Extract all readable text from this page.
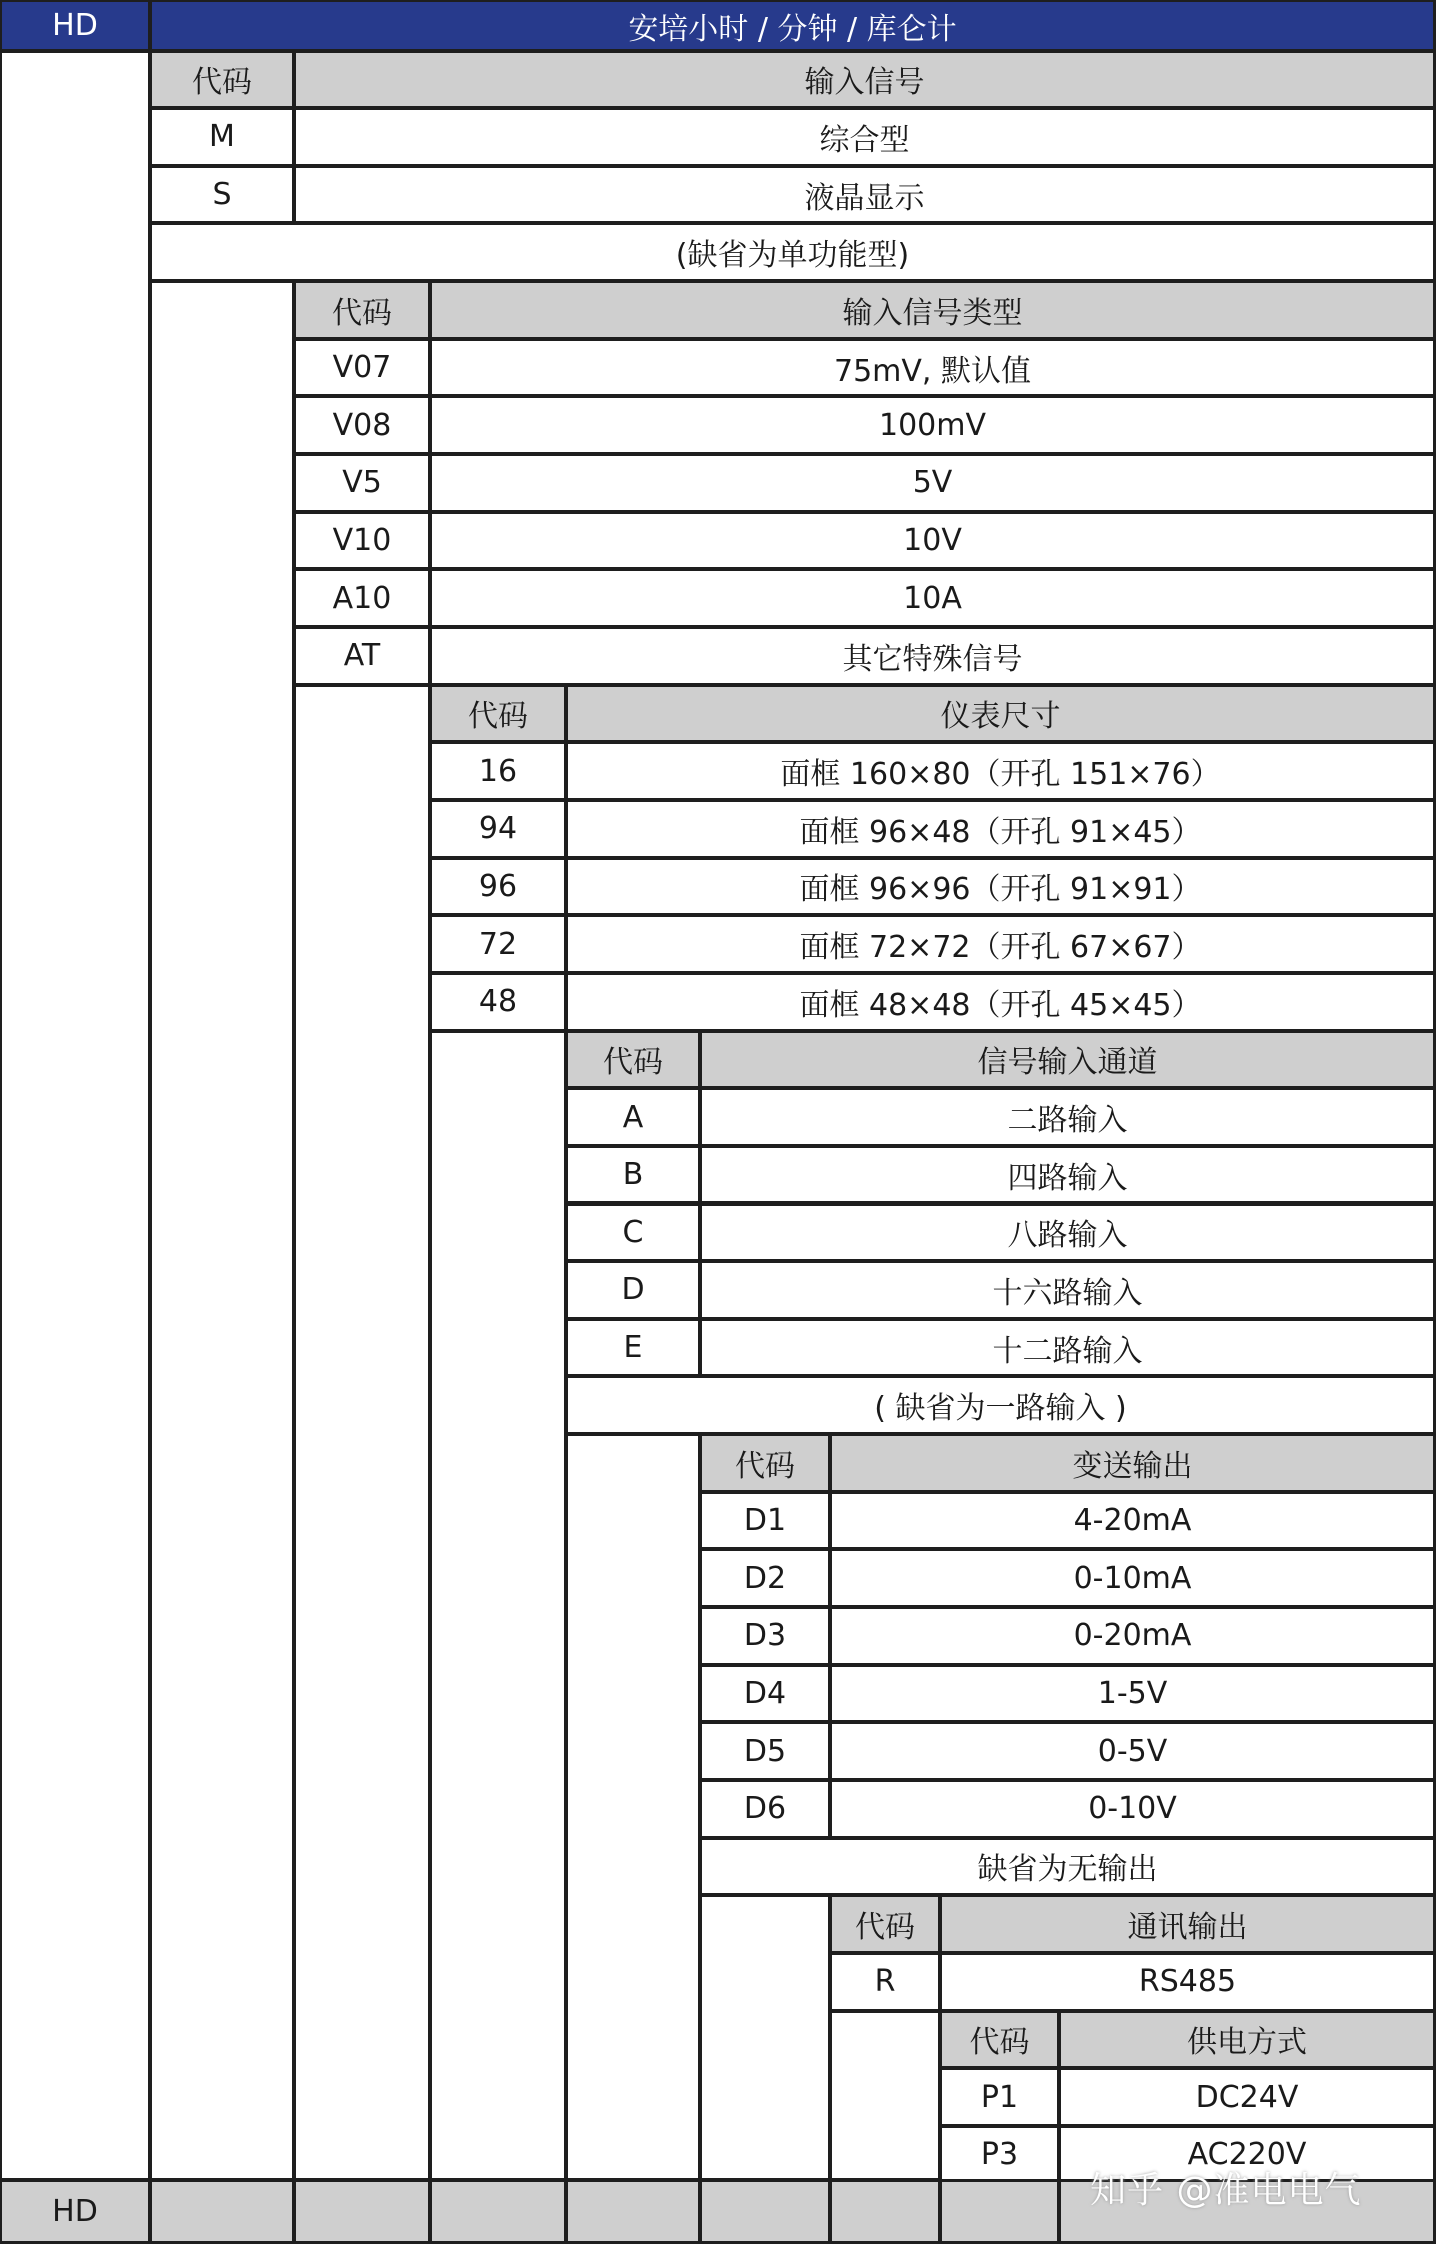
HD	安培小时 / 分钟 / 库仑计
代码	输入信号
M	综合型
S	液晶显示
(缺省为单功能型)
代码	输入信号类型
V07	75mV, 默认值
V08	100mV
V5	5V
V10	10V
A10	10A
AT	其它特殊信号
代码	仪表尺寸
16	面框 160×80（开孔 151×76）
94	面框 96×48（开孔 91×45）
96	面框 96×96（开孔 91×91）
72	面框 72×72（开孔 67×67）
48	面框 48×48（开孔 45×45）
代码	信号输入通道
A	二路输入
B	四路输入
C	八路输入
D	十六路输入
E	十二路输入
( 缺省为一路输入 )
代码	变送输出
D1	4-20mA
D2	0-10mA
D3	0-20mA
D4	1-5V
D5	0-5V
D6	0-10V
缺省为无输出
代码	通讯输出
R	RS485
代码	供电方式
P1	DC24V
P3	AC220V
HD
知乎 @准电电气
